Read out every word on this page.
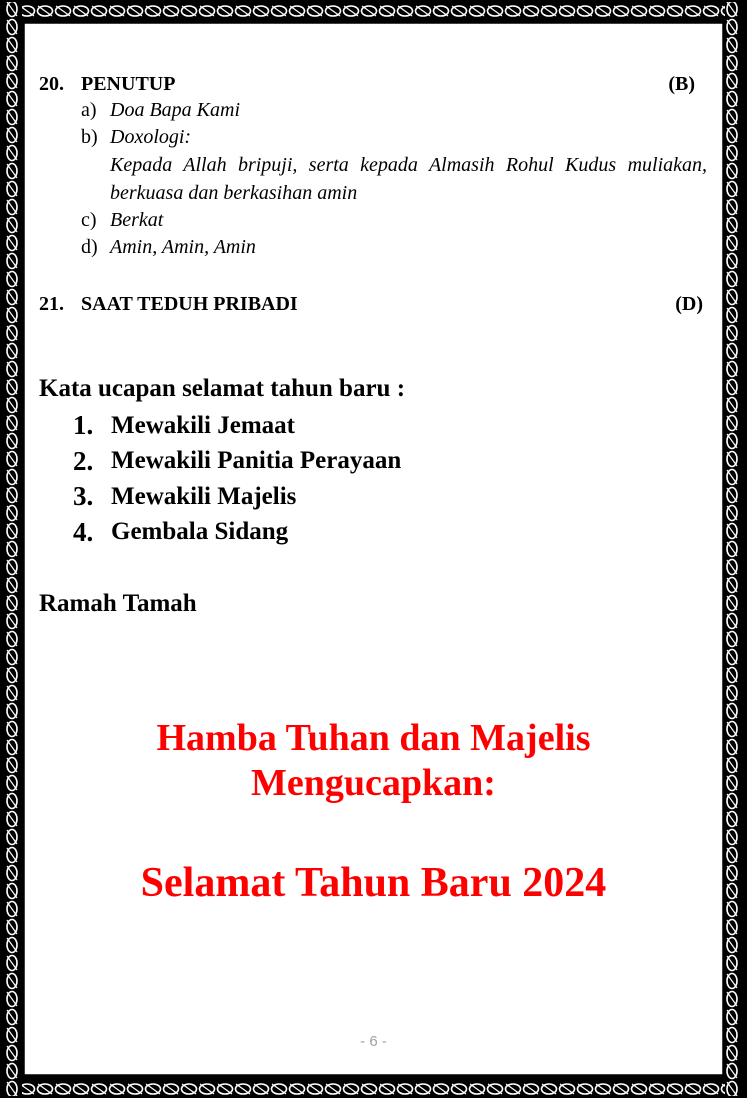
20. PENUTUP	(B)
a) Doa Bapa Kami
b) Doxologi:
Kepada Allah bripuji, serta kepada Almasih Rohul Kudus muliakan, berkuasa dan berkasihan amin
c) Berkat
d) Amin, Amin, Amin
21. SAAT TEDUH PRIBADI	(D)
Kata ucapan selamat tahun baru :
1. Mewakili Jemaat
2. Mewakili Panitia Perayaan
3. Mewakili Majelis
4. Gembala Sidang
Ramah Tamah
Hamba Tuhan dan Majelis
Mengucapkan:
Selamat Tahun Baru 2024
- 6 -
